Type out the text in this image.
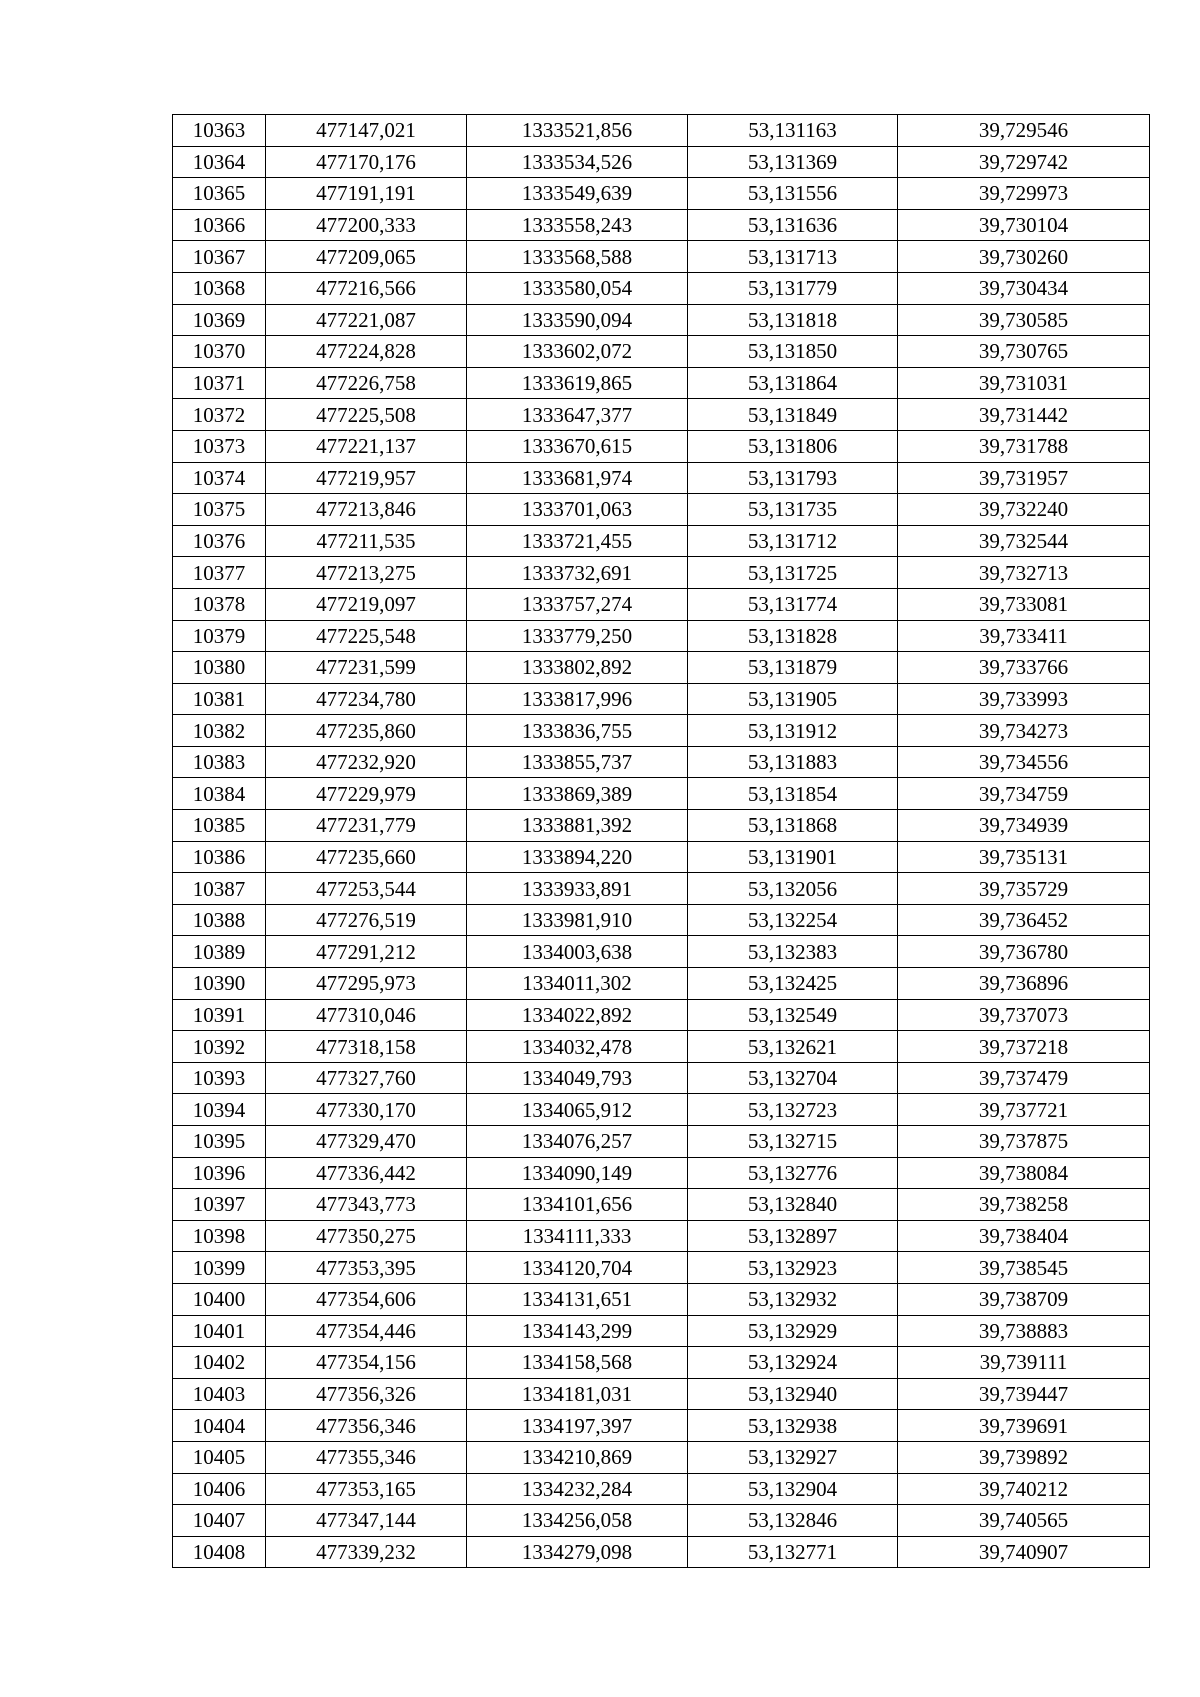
10363	477147,021	1333521,856	53,131163	39,729546
10364	477170,176	1333534,526	53,131369	39,729742
10365	477191,191	1333549,639	53,131556	39,729973
10366	477200,333	1333558,243	53,131636	39,730104
10367	477209,065	1333568,588	53,131713	39,730260
10368	477216,566	1333580,054	53,131779	39,730434
10369	477221,087	1333590,094	53,131818	39,730585
10370	477224,828	1333602,072	53,131850	39,730765
10371	477226,758	1333619,865	53,131864	39,731031
10372	477225,508	1333647,377	53,131849	39,731442
10373	477221,137	1333670,615	53,131806	39,731788
10374	477219,957	1333681,974	53,131793	39,731957
10375	477213,846	1333701,063	53,131735	39,732240
10376	477211,535	1333721,455	53,131712	39,732544
10377	477213,275	1333732,691	53,131725	39,732713
10378	477219,097	1333757,274	53,131774	39,733081
10379	477225,548	1333779,250	53,131828	39,733411
10380	477231,599	1333802,892	53,131879	39,733766
10381	477234,780	1333817,996	53,131905	39,733993
10382	477235,860	1333836,755	53,131912	39,734273
10383	477232,920	1333855,737	53,131883	39,734556
10384	477229,979	1333869,389	53,131854	39,734759
10385	477231,779	1333881,392	53,131868	39,734939
10386	477235,660	1333894,220	53,131901	39,735131
10387	477253,544	1333933,891	53,132056	39,735729
10388	477276,519	1333981,910	53,132254	39,736452
10389	477291,212	1334003,638	53,132383	39,736780
10390	477295,973	1334011,302	53,132425	39,736896
10391	477310,046	1334022,892	53,132549	39,737073
10392	477318,158	1334032,478	53,132621	39,737218
10393	477327,760	1334049,793	53,132704	39,737479
10394	477330,170	1334065,912	53,132723	39,737721
10395	477329,470	1334076,257	53,132715	39,737875
10396	477336,442	1334090,149	53,132776	39,738084
10397	477343,773	1334101,656	53,132840	39,738258
10398	477350,275	1334111,333	53,132897	39,738404
10399	477353,395	1334120,704	53,132923	39,738545
10400	477354,606	1334131,651	53,132932	39,738709
10401	477354,446	1334143,299	53,132929	39,738883
10402	477354,156	1334158,568	53,132924	39,739111
10403	477356,326	1334181,031	53,132940	39,739447
10404	477356,346	1334197,397	53,132938	39,739691
10405	477355,346	1334210,869	53,132927	39,739892
10406	477353,165	1334232,284	53,132904	39,740212
10407	477347,144	1334256,058	53,132846	39,740565
10408	477339,232	1334279,098	53,132771	39,740907
